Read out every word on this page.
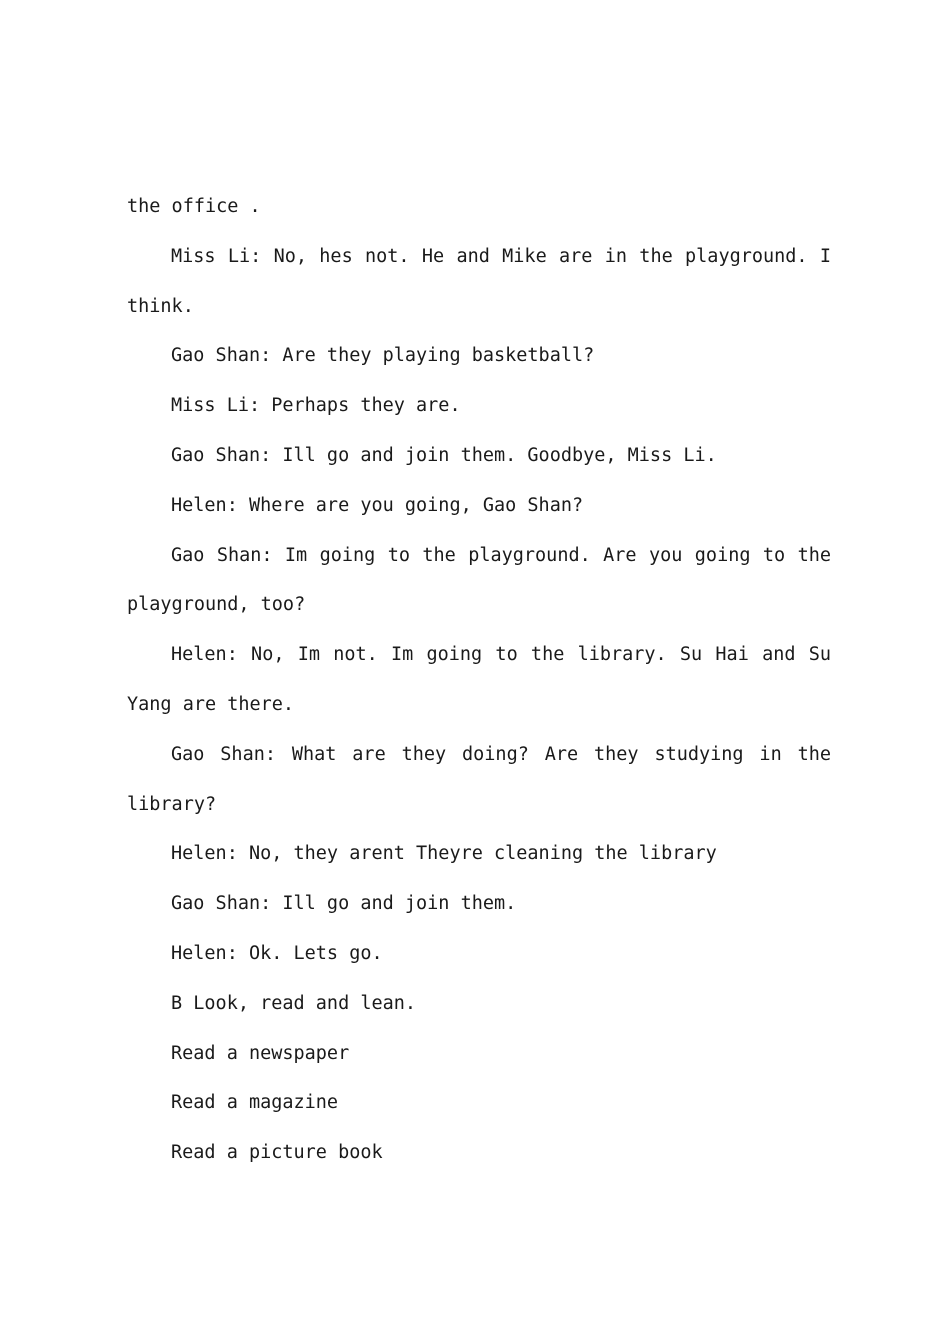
the office .

Miss Li: No, hes not. He and Mike are in the playground. I think.

Gao Shan: Are they playing basketball?

Miss Li: Perhaps they are.

Gao Shan: Ill go and join them. Goodbye, Miss Li.

Helen: Where are you going, Gao Shan?

Gao Shan: Im going to the playground. Are you going to the playground, too?

Helen: No, Im not. Im going to the library. Su Hai and Su Yang are there.

Gao Shan: What are they doing? Are they studying in the library?

Helen: No, they arent Theyre cleaning the library

Gao Shan: Ill go and join them.

Helen: Ok. Lets go.

B Look, read and lean.

Read a newspaper

Read a magazine

Read a picture book
